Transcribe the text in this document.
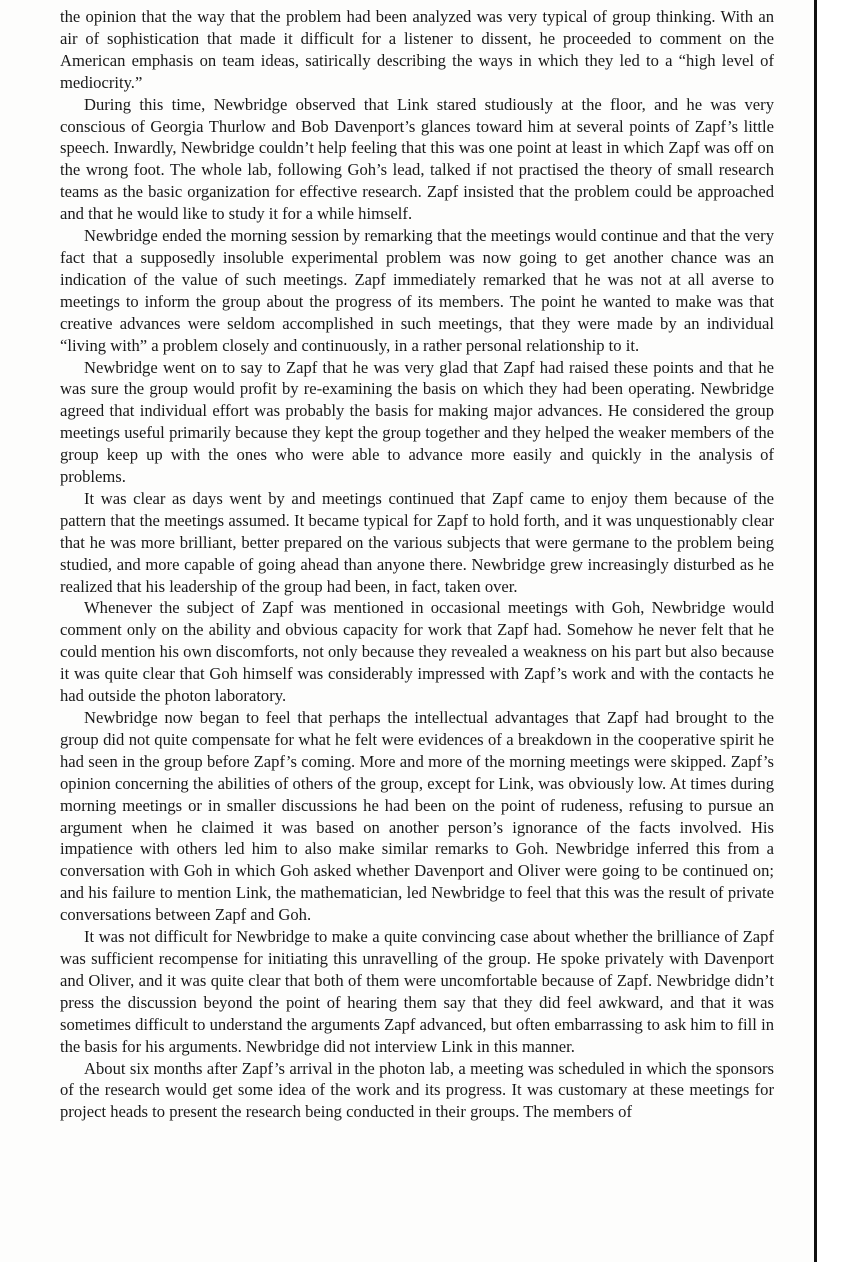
the opinion that the way that the problem had been analyzed was very typical of group thinking. With an air of sophistication that made it difficult for a listener to dissent, he proceeded to comment on the American emphasis on team ideas, satirically describing the ways in which they led to a “high level of mediocrity.”

During this time, Newbridge observed that Link stared studiously at the floor, and he was very conscious of Georgia Thurlow and Bob Davenport’s glances toward him at several points of Zapf’s little speech. Inwardly, Newbridge couldn’t help feeling that this was one point at least in which Zapf was off on the wrong foot. The whole lab, following Goh’s lead, talked if not practised the theory of small research teams as the basic organization for effective research. Zapf insisted that the problem could be approached and that he would like to study it for a while himself.

Newbridge ended the morning session by remarking that the meetings would continue and that the very fact that a supposedly insoluble experimental problem was now going to get another chance was an indication of the value of such meetings. Zapf immediately remarked that he was not at all averse to meetings to inform the group about the progress of its members. The point he wanted to make was that creative advances were seldom accomplished in such meetings, that they were made by an individual “living with” a problem closely and continuously, in a rather personal relationship to it.

Newbridge went on to say to Zapf that he was very glad that Zapf had raised these points and that he was sure the group would profit by re-examining the basis on which they had been operating. Newbridge agreed that individual effort was probably the basis for making major advances. He considered the group meetings useful primarily because they kept the group together and they helped the weaker members of the group keep up with the ones who were able to advance more easily and quickly in the analysis of problems.

It was clear as days went by and meetings continued that Zapf came to enjoy them because of the pattern that the meetings assumed. It became typical for Zapf to hold forth, and it was unquestionably clear that he was more brilliant, better prepared on the various subjects that were germane to the problem being studied, and more capable of going ahead than anyone there. Newbridge grew increasingly disturbed as he realized that his leadership of the group had been, in fact, taken over.

Whenever the subject of Zapf was mentioned in occasional meetings with Goh, Newbridge would comment only on the ability and obvious capacity for work that Zapf had. Somehow he never felt that he could mention his own discomforts, not only because they revealed a weakness on his part but also because it was quite clear that Goh himself was considerably impressed with Zapf’s work and with the contacts he had outside the photon laboratory.

Newbridge now began to feel that perhaps the intellectual advantages that Zapf had brought to the group did not quite compensate for what he felt were evidences of a breakdown in the cooperative spirit he had seen in the group before Zapf’s coming. More and more of the morning meetings were skipped. Zapf’s opinion concerning the abilities of others of the group, except for Link, was obviously low. At times during morning meetings or in smaller discussions he had been on the point of rudeness, refusing to pursue an argument when he claimed it was based on another person’s ignorance of the facts involved. His impatience with others led him to also make similar remarks to Goh. Newbridge inferred this from a conversation with Goh in which Goh asked whether Davenport and Oliver were going to be continued on; and his failure to mention Link, the mathematician, led Newbridge to feel that this was the result of private conversations between Zapf and Goh.

It was not difficult for Newbridge to make a quite convincing case about whether the brilliance of Zapf was sufficient recompense for initiating this unravelling of the group. He spoke privately with Davenport and Oliver, and it was quite clear that both of them were uncomfortable because of Zapf. Newbridge didn’t press the discussion beyond the point of hearing them say that they did feel awkward, and that it was sometimes difficult to understand the arguments Zapf advanced, but often embarrassing to ask him to fill in the basis for his arguments. Newbridge did not interview Link in this manner.

About six months after Zapf’s arrival in the photon lab, a meeting was scheduled in which the sponsors of the research would get some idea of the work and its progress. It was customary at these meetings for project heads to present the research being conducted in their groups. The members of
